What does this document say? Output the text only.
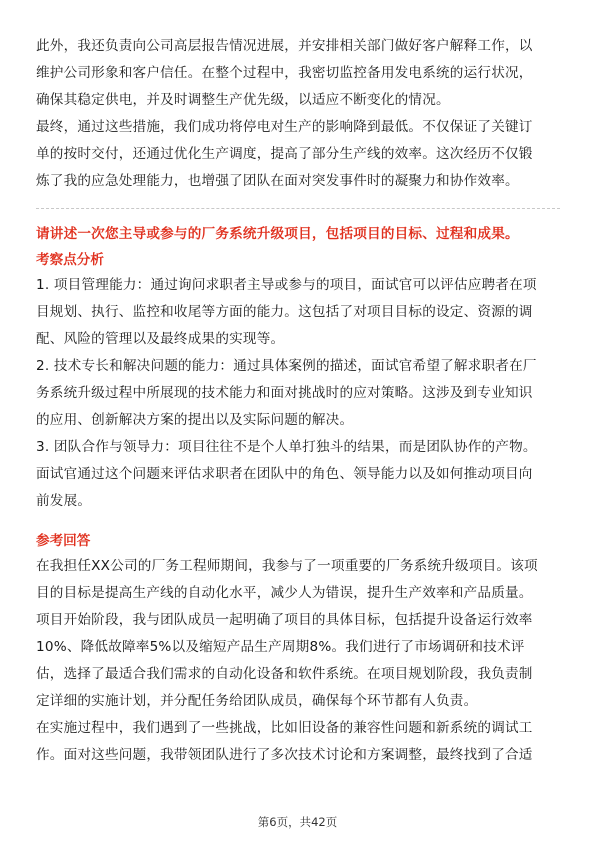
此外，我还负责向公司高层报告情况进展，并安排相关部门做好客户解释工作，以
维护公司形象和客户信任。在整个过程中，我密切监控备用发电系统的运行状况，
确保其稳定供电，并及时调整生产优先级，以适应不断变化的情况。

最终，通过这些措施，我们成功将停电对生产的影响降到最低。不仅保证了关键订
单的按时交付，还通过优化生产调度，提高了部分生产线的效率。这次经历不仅锻
炼了我的应急处理能力，也增强了团队在面对突发事件时的凝聚力和协作效率。

请讲述一次您主导或参与的厂务系统升级项目，包括项目的目标、过程和成果。

考察点分析

1. 项目管理能力：通过询问求职者主导或参与的项目，面试官可以评估应聘者在项
目规划、执行、监控和收尾等方面的能力。这包括了对项目目标的设定、资源的调
配、风险的管理以及最终成果的实现等。

2. 技术专长和解决问题的能力：通过具体案例的描述，面试官希望了解求职者在厂
务系统升级过程中所展现的技术能力和面对挑战时的应对策略。这涉及到专业知识
的应用、创新解决方案的提出以及实际问题的解决。

3. 团队合作与领导力：项目往往不是个人单打独斗的结果，而是团队协作的产物。
面试官通过这个问题来评估求职者在团队中的角色、领导能力以及如何推动项目向
前发展。

参考回答

在我担任XX公司的厂务工程师期间，我参与了一项重要的厂务系统升级项目。该项
目的目标是提高生产线的自动化水平，减少人为错误，提升生产效率和产品质量。

项目开始阶段，我与团队成员一起明确了项目的具体目标，包括提升设备运行效率
10%、降低故障率5%以及缩短产品生产周期8%。我们进行了市场调研和技术评
估，选择了最适合我们需求的自动化设备和软件系统。在项目规划阶段，我负责制
定详细的实施计划，并分配任务给团队成员，确保每个环节都有人负责。

在实施过程中，我们遇到了一些挑战，比如旧设备的兼容性问题和新系统的调试工
作。面对这些问题，我带领团队进行了多次技术讨论和方案调整，最终找到了合适

第6页，共42页
